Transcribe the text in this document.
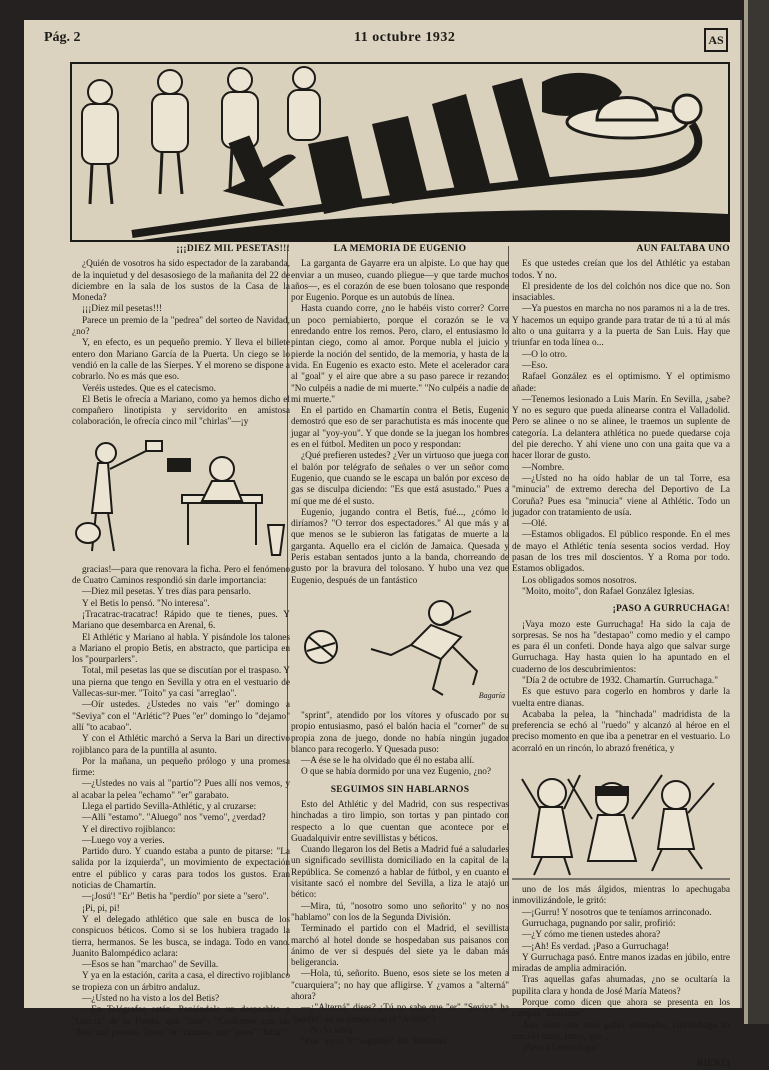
Pág. 2	11 octubre 1932	AS
¡¡¡DIEZ MIL PESETAS!!!

¿Quién de vosotros ha sido espectador de la zarabanda, de la inquietud y del desasosiego de la mañanita del 22 de diciembre en la sala de los sustos de la Casa de la Moneda?

¡¡¡Diez mil pesetas!!!

Parece un premio de la "pedrea" del sorteo de Navidad, ¿no?

Y, en efecto, es un pequeño premio. Y lleva el billete entero don Mariano García de la Puerta. Un ciego se lo vendió en la calle de las Sierpes. Y el moreno se dispone a cobrarlo. No es más que eso.

Veréis ustedes. Que es el catecismo.

El Betis le ofrecía a Mariano, como ya hemos dicho el compañero linotipista y servidorito en amistosa colaboración, le ofrecía cinco mil "chirlas"—¡y

gracias!—para que renovara la ficha. Pero el fenómeno de Cuatro Caminos respondió sin darle importancia:

—Diez mil pesetas. Y tres días para pensarlo.

Y el Betis lo pensó. "No interesa".

¡Tracatrac-tracatrac! Rápido que te tienes, pues. Y Mariano que desembarca en Arenal, 6.

El Athlétic y Mariano al habla. Y pisándole los talones a Mariano el propio Betis, en abstracto, que participa en los "pourparlers".

Total, mil pesetas las que se discutían por el traspaso. Y una pierna que tengo en Sevilla y otra en el vestuario de Vallecas-sur-mer. "Toito" ya casi "arreglao".

—Oír ustedes. ¿Ustedes no vais "er" domingo a "Seviya" con el "Arlétic"? Pues "er" domingo lo "dejamo" allí "to acabao".

Y con el Athlétic marchó a Serva la Bari un directivo rojiblanco para de la puntilla al asunto.

Por la mañana, un pequeño prólogo y una promesa firme:

—¿Ustedes no vais al "partío"? Pues allí nos vemos, y al acabar la pelea "echamo" "er" garabato.

Llega el partido Sevilla-Athlétic, y al cruzarse:

—Allí "estamo". "Aluego" nos "vemo", ¿verdad?

Y el directivo rojiblanco:

—Luego voy a veries.

Partido duro. Y cuando estaba a punto de pitarse: "La salida por la izquierda", un movimiento de expectación entre el público y caras para todos los gustos. Eran noticias de Chamartín.

—¡Josú'! "Er" Betis ha "perdío" por siete a "sero".

¡Pi, pi, pi!

Y el delegado athlético que sale en busca de los conspicuos béticos. Como si se los hubiera tragado la tierra, hermanos. Se les busca, se indaga. Todo en vano. Juanito Balompédico aclara:

—Esos se han "marchao" de Sevilla.

Y ya en la estación, carita a casa, el directivo rojiblanco se tropieza con un árbitro andaluz.

—¿Usted no ha visto a los del Betis?

—En Telégrafos están. Poniéndole un despachito a "García" de la Puerta, que "dise": "Conforme con las "dies" mil pesetas. Toma "er" camino, que "jases" "farta"."

LA MEMORIA DE EUGENIO

La garganta de Gayarre era un alpiste. Lo que hay que enviar a un museo, cuando pliegue—y que tarde muchos años—, es el corazón de ese buen tolosano que responde por Eugenio. Porque es un autobús de línea.

Hasta cuando corre, ¿no le habéis visto correr? Corre un poco perniabierto, porque el corazón se le va enredando entre los remos. Pero, claro, el entusiasmo lo pintan ciego, como al amor. Porque nubla el juicio y pierde la noción del sentido, de la memoria, y hasta de la vida. En Eugenio es exacto esto. Mete el acelerador cara al "goal" y el aire que abre a su paso parece ir rezando: "No culpéis a nadie de mi muerte." "No culpéis a nadie de mi muerte."

En el partido en Chamartín contra el Betis, Eugenio demostró que eso de ser parachutista es más inocente que jugar al "yoy-you". Y que donde se la juegan los hombres es en el fútbol. Mediten un poco y respondan:

¿Qué prefieren ustedes? ¿Ver un virtuoso que juega con el balón por telégrafo de señales o ver un señor como Eugenio, que cuando se le escapa un balón por exceso de gas se disculpa diciendo: "Es que está asustado." Pues a mí que me dé el susto.

Eugenio, jugando contra el Betis, fué..., ¿cómo lo diríamos? "O terror dos espectadores." Al que más y al que menos se le subieron las fatigatas de muerte a la garganta. Aquello era el ciclón de Jamaica. Quesada y Peris estaban sentados junto a la banda, chorreando de gusto por la bravura del tolosano. Y hubo una vez que Eugenio, después de un fantástico

Bagaría

"sprint", atendido por los vítores y ofuscado por su propio entusiasmo, pasó el balón hacia el "corner" de su propia zona de juego, donde no había ningún jugador blanco para recogerlo. Y Quesada puso:

—A ése se le ha olvidado que él no estaba allí.

O que se había dormido por una vez Eugenio, ¿no?

SEGUIMOS SIN HABLARNOS

Esto del Athlétic y del Madrid, con sus respectivas hinchadas a tiro limpio, son tortas y pan pintado con respecto a lo que cuentan que acontece por el Guadalquivir entre sevillistas y béticos.

Cuando llegaron los del Betis a Madrid fué a saludarles un significado sevillista domiciliado en la capital de la República. Se comenzó a hablar de fútbol, y en cuanto el visitante sacó el nombre del Sevilla, a liza le atajó un bético:

—Mira, tú, "nosotro somo uno señorito" y no nos "hablamo" con los de la Segunda División.

Terminado el partido con el Madrid, el sevillista marchó al hotel donde se hospedaban sus paisanos con ánimo de ver si después del siete ya le daban más beligerancia.

—Hola, tú, señorito. Bueno, esos siete se los meten a "cuarquiera"; no hay que afligirse. Y ¿vamos a "alterná" ahora?

—¿"Alterná" dises? ¿Tú no sabe que "er" "Seviya" ha "perdío" en su campo con el "Arlétic"?

—No lo sabía.

"Pue" yo sí. Y "seguimo" sin "hablarno".

AUN FALTABA UNO

Es que ustedes creían que los del Athlétic ya estaban todos. Y no.

El presidente de los del colchón nos dice que no. Son insaciables.

—Ya puestos en marcha no nos paramos ni a la de tres. Y hacemos un equipo grande para tratar de tú a tú al más alto o una guitarra y a la puerta de San Luis. Hay que triunfar en toda línea o...

—O lo otro.

—Eso.

Rafael González es el optimismo. Y el optimismo añade:

—Tenemos lesionado a Luis Marín. En Sevilla, ¿sabe? Y no es seguro que pueda alinearse contra el Valladolid. Pero se alinee o no se alinee, le traemos un suplente de categoría. La delantera athlética no puede quedarse coja del pie derecho. Y ahí viene uno con una gaita que va a hacer llorar de gusto.

—Nombre.

—¿Usted no ha oído hablar de un tal Torre, esa "minucia" de extremo derecha del Deportivo de La Coruña? Pues esa "minucia" viene al Athlétic. Todo un jugador con tratamiento de usía.

—Olé.

—Estamos obligados. El público responde. En el mes de mayo el Athlétic tenía sesenta socios verdad. Hoy pasan de los tres mil doscientos. Y a Roma por todo. Estamos obligados.

Los obligados somos nosotros.

"Moito, moito", don Rafael González Iglesias.

¡PASO A GURRUCHAGA!

¡Vaya mozo este Gurruchaga! Ha sido la caja de sorpresas. Se nos ha "destapao" como medio y el campo es para él un confeti. Donde haya algo que salvar surge Gurruchaga. Hay hasta quien lo ha apuntado en el cuaderno de los descubrimientos:

"Día 2 de octubre de 1932. Chamartín. Gurruchaga."

Es que estuvo para cogerlo en hombros y darle la vuelta entre dianas.

Acababa la pelea, la "hinchada" madridista de la preferencia se echó al "ruedo" y alcanzó al héroe en el preciso momento en que iba a penetrar en el vestuario. Lo acorraló en un rincón, lo abrazó frenética, y

uno de los más álgidos, mientras lo apechugaba inmovilizándole, le gritó:

—¡Gurru! Y nosotros que te teníamos arrinconado.

Gurruchaga, pugnando por salir, profirió:

—¿Y cómo me tienen ustedes ahora?

—¡Ah! Es verdad. ¡Paso a Gurruchaga!

Y Gurruchaga pasó. Entre manos izadas en júbilo, entre miradas de amplia admiración.

Tras aquellas gafas ahumadas, ¿no se ocultaría la pupilita clara y honda de José María Mateos?

Porque como dicen que ahora se presenta en los campos "disfrazao".

Aun visto tras unas gafas ahumadas, Gurruchaga ha crecido tanto, tanto, que...

¡Paso a Gurruchaga!

RIENZI
